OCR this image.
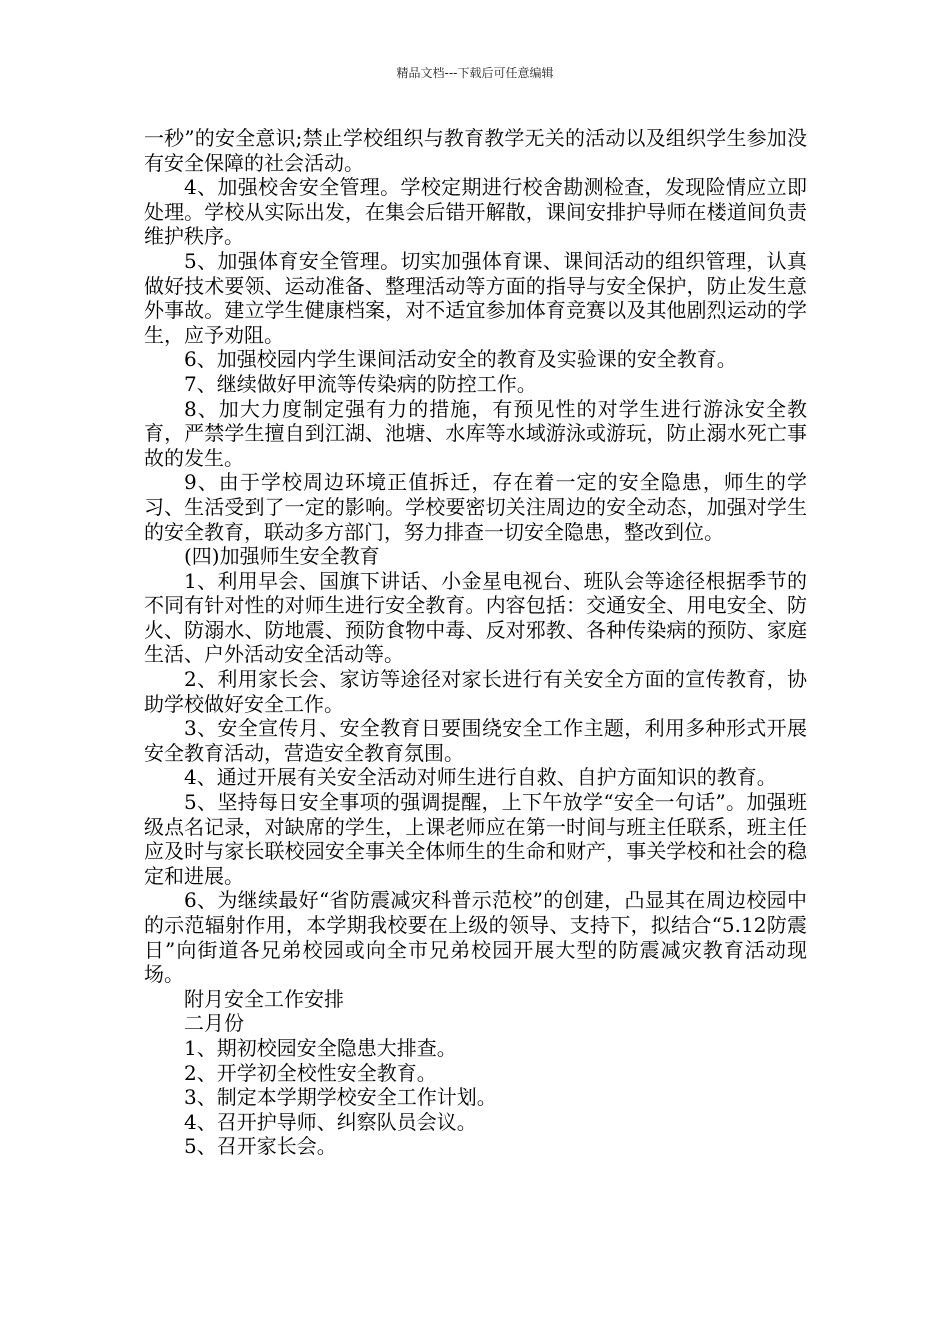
精品文档---下载后可任意编辑

一秒”的安全意识;禁止学校组织与教育教学无关的活动以及组织学生参加没有安全保障的社会活动。

4、加强校舍安全管理。学校定期进行校舍勘测检查，发现险情应立即处理。学校从实际出发，在集会后错开解散，课间安排护导师在楼道间负责维护秩序。

5、加强体育安全管理。切实加强体育课、课间活动的组织管理，认真做好技术要领、运动准备、整理活动等方面的指导与安全保护，防止发生意外事故。建立学生健康档案，对不适宜参加体育竞赛以及其他剧烈运动的学生，应予劝阻。

6、加强校园内学生课间活动安全的教育及实验课的安全教育。

7、继续做好甲流等传染病的防控工作。

8、加大力度制定强有力的措施，有预见性的对学生进行游泳安全教育，严禁学生擅自到江湖、池塘、水库等水域游泳或游玩，防止溺水死亡事故的发生。

9、由于学校周边环境正值拆迁，存在着一定的安全隐患，师生的学习、生活受到了一定的影响。学校要密切关注周边的安全动态，加强对学生的安全教育，联动多方部门，努力排查一切安全隐患，整改到位。

(四)加强师生安全教育

1、利用早会、国旗下讲话、小金星电视台、班队会等途径根据季节的不同有针对性的对师生进行安全教育。内容包括：交通安全、用电安全、防火、防溺水、防地震、预防食物中毒、反对邪教、各种传染病的预防、家庭生活、户外活动安全活动等。

2、利用家长会、家访等途径对家长进行有关安全方面的宣传教育，协助学校做好安全工作。

3、安全宣传月、安全教育日要围绕安全工作主题，利用多种形式开展安全教育活动，营造安全教育氛围。

4、通过开展有关安全活动对师生进行自救、自护方面知识的教育。

5、坚持每日安全事项的强调提醒，上下午放学“安全一句话”。加强班级点名记录，对缺席的学生，上课老师应在第一时间与班主任联系，班主任应及时与家长联校园安全事关全体师生的生命和财产，事关学校和社会的稳定和进展。

6、为继续最好“省防震减灾科普示范校”的创建，凸显其在周边校园中的示范辐射作用，本学期我校要在上级的领导、支持下，拟结合“5.12防震日”向街道各兄弟校园或向全市兄弟校园开展大型的防震减灾教育活动现场。

附月安全工作安排

二月份

1、期初校园安全隐患大排查。

2、开学初全校性安全教育。

3、制定本学期学校安全工作计划。

4、召开护导师、纠察队员会议。

5、召开家长会。
